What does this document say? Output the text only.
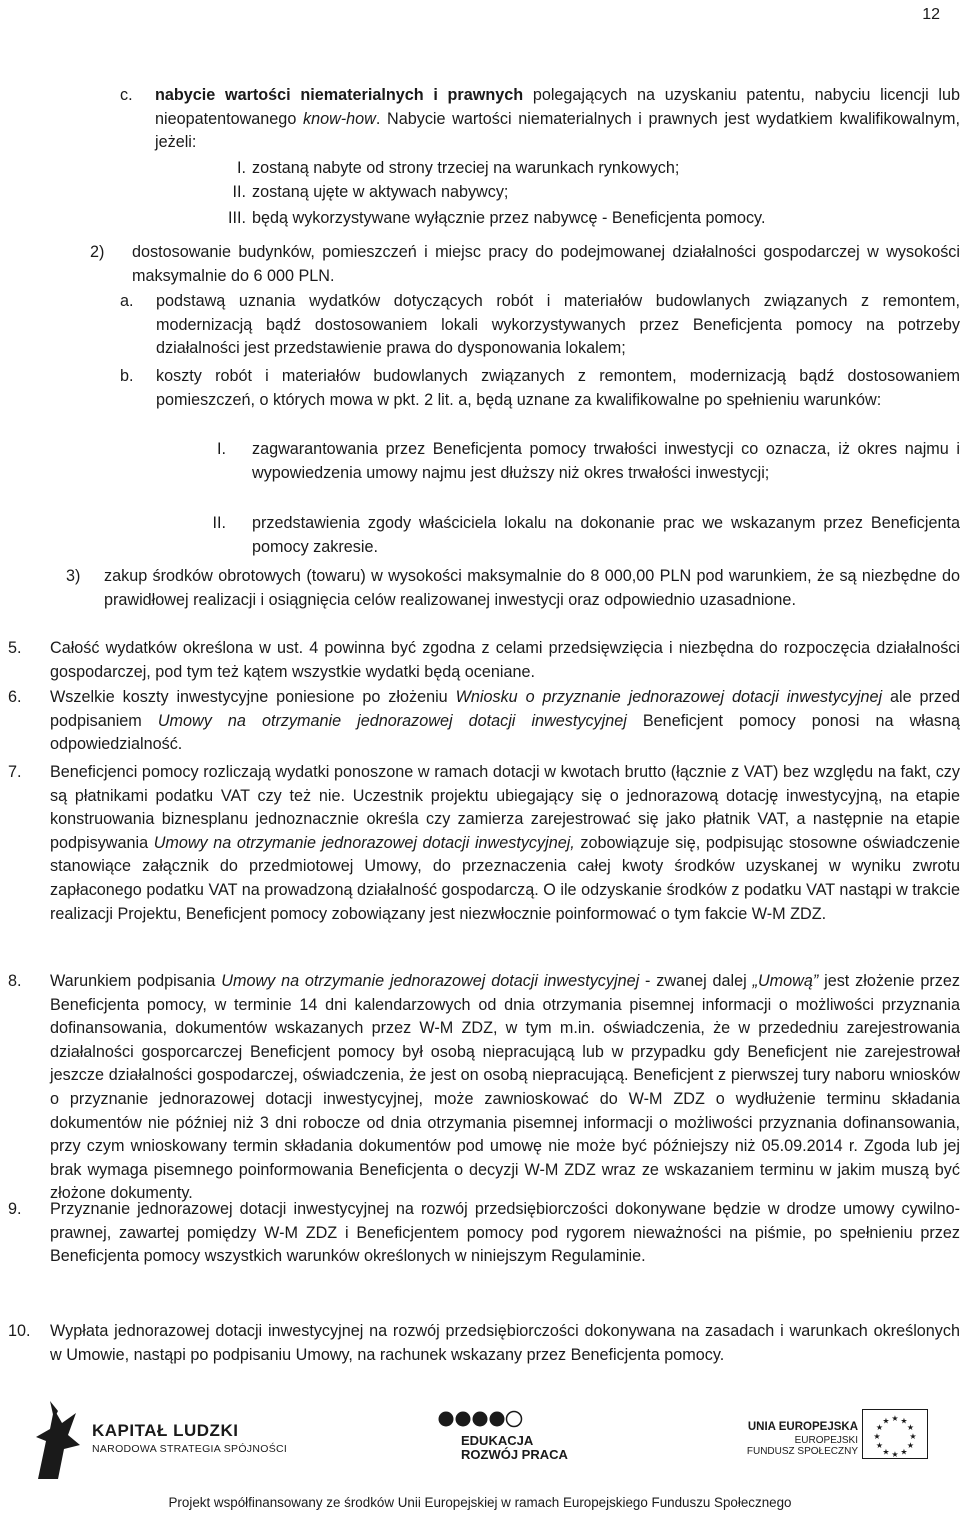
12
c. nabycie wartości niematerialnych i prawnych polegających na uzyskaniu patentu, nabyciu licencji lub nieopatentowanego know-how. Nabycie wartości niematerialnych i prawnych jest wydatkiem kwalifikowalnym, jeżeli:
I. zostaną nabyte od strony trzeciej na warunkach rynkowych;
II. zostaną ujęte w aktywach nabywcy;
III. będą wykorzystywane wyłącznie przez nabywcę - Beneficjenta pomocy.
2) dostosowanie budynków, pomieszczeń i miejsc pracy do podejmowanej działalności gospodarczej w wysokości maksymalnie do 6 000 PLN.
a. podstawą uznania wydatków dotyczących robót i materiałów budowlanych związanych z remontem, modernizacją bądź dostosowaniem lokali wykorzystywanych przez Beneficjenta pomocy na potrzeby działalności jest przedstawienie prawa do dysponowania lokalem;
b. koszty robót i materiałów budowlanych związanych z remontem, modernizacją bądź dostosowaniem pomieszczeń, o których mowa w pkt. 2 lit. a, będą uznane za kwalifikowalne po spełnieniu warunków:
I. zagwarantowania przez Beneficjenta pomocy trwałości inwestycji co oznacza, iż okres najmu i wypowiedzenia umowy najmu jest dłuższy niż okres trwałości inwestycji;
II. przedstawienia zgody właściciela lokalu na dokonanie prac we wskazanym przez Beneficjenta pomocy zakresie.
3) zakup środków obrotowych (towaru) w wysokości maksymalnie do 8 000,00 PLN pod warunkiem, że są niezbędne do prawidłowej realizacji i osiągnięcia celów realizowanej inwestycji oraz odpowiednio uzasadnione.
5. Całość wydatków określona w ust. 4 powinna być zgodna z celami przedsięwzięcia i niezbędna do rozpoczęcia działalności gospodarczej, pod tym też kątem wszystkie wydatki będą oceniane.
6. Wszelkie koszty inwestycyjne poniesione po złożeniu Wniosku o przyznanie jednorazowej dotacji inwestycyjnej ale przed podpisaniem Umowy na otrzymanie jednorazowej dotacji inwestycyjnej Beneficjent pomocy ponosi na własną odpowiedzialność.
7. Beneficjenci pomocy rozliczają wydatki ponoszone w ramach dotacji w kwotach brutto (łącznie z VAT) bez względu na fakt, czy są płatnikami podatku VAT czy też nie. Uczestnik projektu ubiegający się o jednorazową dotację inwestycyjną, na etapie konstruowania biznesplanu jednoznacznie określa czy zamierza zarejestrować się jako płatnik VAT, a następnie na etapie podpisywania Umowy na otrzymanie jednorazowej dotacji inwestycyjnej, zobowiązuje się, podpisując stosowne oświadczenie stanowiące załącznik do przedmiotowej Umowy, do przeznaczenia całej kwoty środków uzyskanej w wyniku zwrotu zapłaconego podatku VAT na prowadzoną działalność gospodarczą. O ile odzyskanie środków z podatku VAT nastąpi w trakcie realizacji Projektu, Beneficjent pomocy zobowiązany jest niezwłocznie poinformować o tym fakcie W-M ZDZ.
8. Warunkiem podpisania Umowy na otrzymanie jednorazowej dotacji inwestycyjnej - zwanej dalej „Umową” jest złożenie przez Beneficjenta pomocy, w terminie 14 dni kalendarzowych od dnia otrzymania pisemnej informacji o możliwości przyznania dofinansowania, dokumentów wskazanych przez W-M ZDZ, w tym m.in. oświadczenia, że w przededniu zarejestrowania działalności gosporcarczej Beneficjent pomocy był osobą niepracującą lub w przypadku gdy Beneficjent nie zarejestrował jeszcze działalności gospodarczej, oświadczenia, że jest on osobą niepracującą. Beneficjent z pierwszej tury naboru wniosków o przyznanie jednorazowej dotacji inwestycyjnej, może zawnioskować do W-M ZDZ o wydłużenie terminu składania dokumentów nie później niż 3 dni robocze od dnia otrzymania pisemnej informacji o możliwości przyznania dofinansowania, przy czym wnioskowany termin składania dokumentów pod umowę nie może być późniejszy niż 05.09.2014 r. Zgoda lub jej brak wymaga pisemnego poinformowania Beneficjenta o decyzji W-M ZDZ wraz ze wskazaniem terminu w jakim muszą być złożone dokumenty.
9. Przyznanie jednorazowej dotacji inwestycyjnej na rozwój przedsiębiorczości dokonywane będzie w drodze umowy cywilno-prawnej, zawartej pomiędzy W-M ZDZ i Beneficjentem pomocy pod rygorem nieważności na piśmie, po spełnieniu przez Beneficjenta pomocy wszystkich warunków określonych w niniejszym Regulaminie.
10. Wypłata jednorazowej dotacji inwestycyjnej na rozwój przedsiębiorczości dokonywana na zasadach i warunkach określonych w Umowie, nastąpi po podpisaniu Umowy, na rachunek wskazany przez Beneficjenta pomocy.
KAPITAŁ LUDZKI
NARODOWA STRATEGIA SPÓJNOŚCI
EDUKACJA
ROZWÓJ PRACA
UNIA EUROPEJSKA
EUROPEJSKI
FUNDUSZ SPOŁECZNY
★ ★
★
★
★
★
★
★
★
★
★
★
Projekt współfinansowany ze środków Unii Europejskiej w ramach Europejskiego Funduszu Społecznego
